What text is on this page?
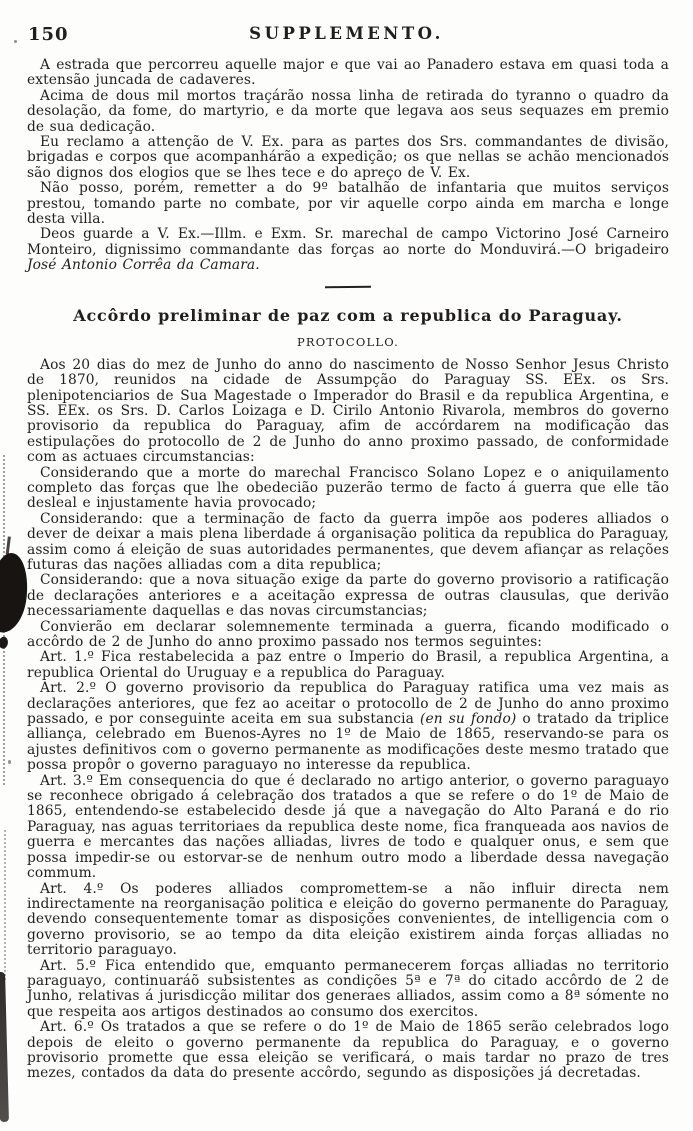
150	SUPPLEMENTO.

A estrada que percorreu aquelle major e que vai ao Panadero estava em quasi toda a extensão juncada de cadaveres.

Acima de dous mil mortos traçárão nossa linha de retirada do tyranno o quadro da desolação, da fome, do martyrio, e da morte que legava aos seus sequazes em premio de sua dedicação.

Eu reclamo a attenção de V. Ex. para as partes dos Srs. commandantes de divisão, brigadas e corpos que acompanhárão a expedição; os que nellas se achão mencionados são dignos dos elogios que se lhes tece e do apreço de V. Ex.

Não posso, porém, remetter a do 9º batalhão de infantaria que muitos serviços prestou, tomando parte no combate, por vir aquelle corpo ainda em marcha e longe desta villa.

Deos guarde a V. Ex.—Illm. e Exm. Sr. marechal de campo Victorino José Carneiro Monteiro, dignissimo commandante das forças ao norte do Monduvirá.—O brigadeiro José Antonio Corrêa da Camara.

Accôrdo preliminar de paz com a republica do Paraguay.
PROTOCOLLO.

Aos 20 dias do mez de Junho do anno do nascimento de Nosso Senhor Jesus Christo de 1870, reunidos na cidade de Assumpção do Paraguay SS. EEx. os Srs. plenipotenciarios de Sua Magestade o Imperador do Brasil e da republica Argentina, e SS. EEx. os Srs. D. Carlos Loizaga e D. Cirilo Antonio Rivarola, membros do governo provisorio da republica do Paraguay, afim de accórdarem na modificação das estipulações do protocollo de 2 de Junho do anno proximo passado, de conformidade com as actuaes circumstancias:

Considerando que a morte do marechal Francisco Solano Lopez e o aniquilamento completo das forças que lhe obedecião puzerão termo de facto á guerra que elle tão desleal e injustamente havia provocado;

Considerando: que a terminação de facto da guerra impõe aos poderes alliados o dever de deixar a mais plena liberdade á organisação politica da republica do Paraguay, assim como á eleição de suas autoridades permanentes, que devem afiançar as relações futuras das nações alliadas com a dita republica;

Considerando: que a nova situação exige da parte do governo provisorio a ratificação de declarações anteriores e a aceitação expressa de outras clausulas, que derivão necessariamente daquellas e das novas circumstancias;

Convierão em declarar solemnemente terminada a guerra, ficando modificado o accôrdo de 2 de Junho do anno proximo passado nos termos seguintes:

Art. 1.º Fica restabelecida a paz entre o Imperio do Brasil, a republica Argentina, a republica Oriental do Uruguay e a republica do Paraguay.

Art. 2.º O governo provisorio da republica do Paraguay ratifica uma vez mais as declarações anteriores, que fez ao aceitar o protocollo de 2 de Junho do anno proximo passado, e por conseguinte aceita em sua substancia (en su fondo) o tratado da triplice alliança, celebrado em Buenos-Ayres no 1º de Maio de 1865, reservando-se para os ajustes definitivos com o governo permanente as modificações deste mesmo tratado que possa propôr o governo paraguayo no interesse da republica.

Art. 3.º Em consequencia do que é declarado no artigo anterior, o governo paraguayo se reconhece obrigado á celebração dos tratados a que se refere o do 1º de Maio de 1865, entendendo-se estabelecido desde já que a navegação do Alto Paraná e do rio Paraguay, nas aguas territoriaes da republica deste nome, fica franqueada aos navios de guerra e mercantes das nações alliadas, livres de todo e qualquer onus, e sem que possa impedir-se ou estorvar-se de nenhum outro modo a liberdade dessa navegação commum.

Art. 4.º Os poderes alliados compromettem-se a não influir directa nem indirectamente na reorganisação politica e eleição do governo permanente do Paraguay, devendo consequentemente tomar as disposições convenientes, de intelligencia com o governo provisorio, se ao tempo da dita eleição existirem ainda forças alliadas no territorio paraguayo.

Art. 5.º Fica entendido que, emquanto permanecerem forças alliadas no territorio paraguayo, continuaráõ subsistentes as condições 5ª e 7ª do citado accôrdo de 2 de Junho, relativas á jurisdicção militar dos generaes alliados, assim como a 8ª sómente no que respeita aos artigos destinados ao consumo dos exercitos.

Art. 6.º Os tratados a que se refere o do 1º de Maio de 1865 serão celebrados logo depois de eleito o governo permanente da republica do Paraguay, e o governo provisorio promette que essa eleição se verificará, o mais tardar no prazo de tres mezes, contados da data do presente accôrdo, segundo as disposições já decretadas.
